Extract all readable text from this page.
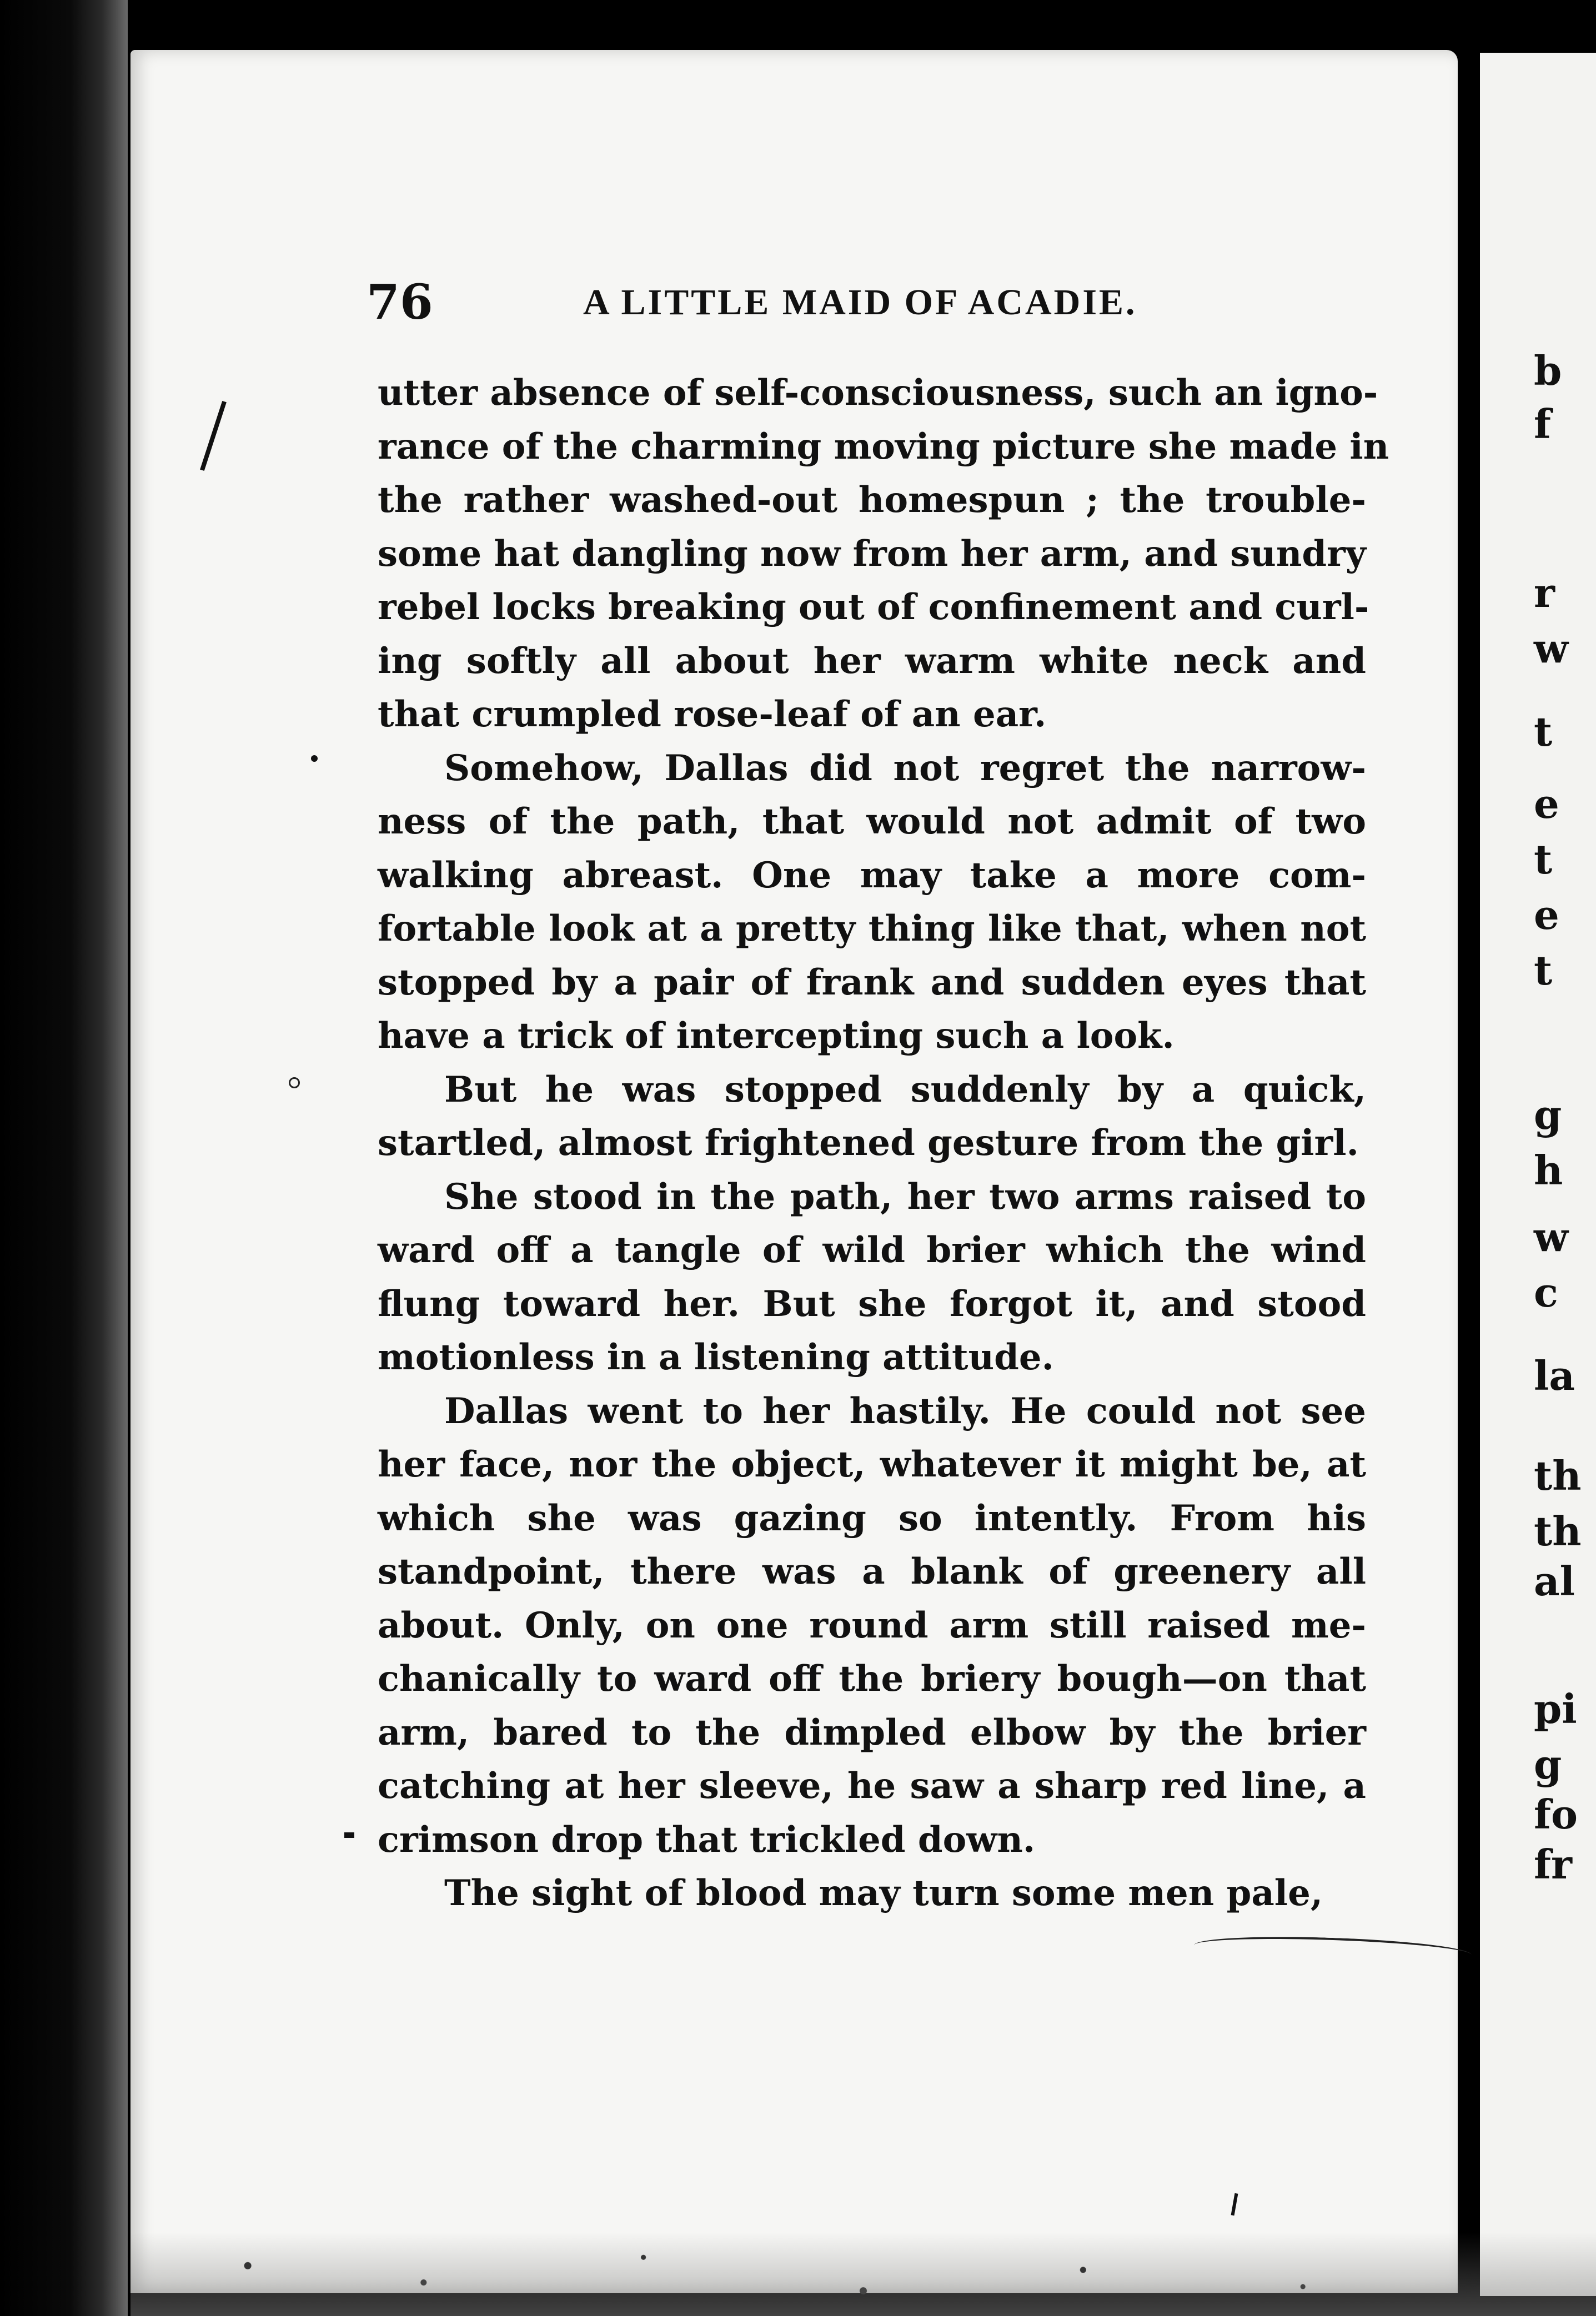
b
f
r
w
t
e
t
e
t
g
h
w
c
la
th
th
al
pi
g
fo
fr
76	A LITTLE MAID OF ACADIE.
utter absence of self-consciousness, such an igno-
rance of the charming moving picture she made in
the rather washed-out homespun ; the trouble-
some hat dangling now from her arm, and sundry
rebel locks breaking out of confinement and curl-
ing softly all about her warm white neck and
that crumpled rose-leaf of an ear.
Somehow, Dallas did not regret the narrow-
ness of the path, that would not admit of two
walking abreast. One may take a more com-
fortable look at a pretty thing like that, when not
stopped by a pair of frank and sudden eyes that
have a trick of intercepting such a look.
But he was stopped suddenly by a quick,
startled, almost frightened gesture from the girl.
She stood in the path, her two arms raised to
ward off a tangle of wild brier which the wind
flung toward her. But she forgot it, and stood
motionless in a listening attitude.
Dallas went to her hastily. He could not see
her face, nor the object, whatever it might be, at
which she was gazing so intently. From his
standpoint, there was a blank of greenery all
about. Only, on one round arm still raised me-
chanically to ward off the briery bough—on that
arm, bared to the dimpled elbow by the brier
catching at her sleeve, he saw a sharp red line, a
crimson drop that trickled down.
The sight of blood may turn some men pale,
